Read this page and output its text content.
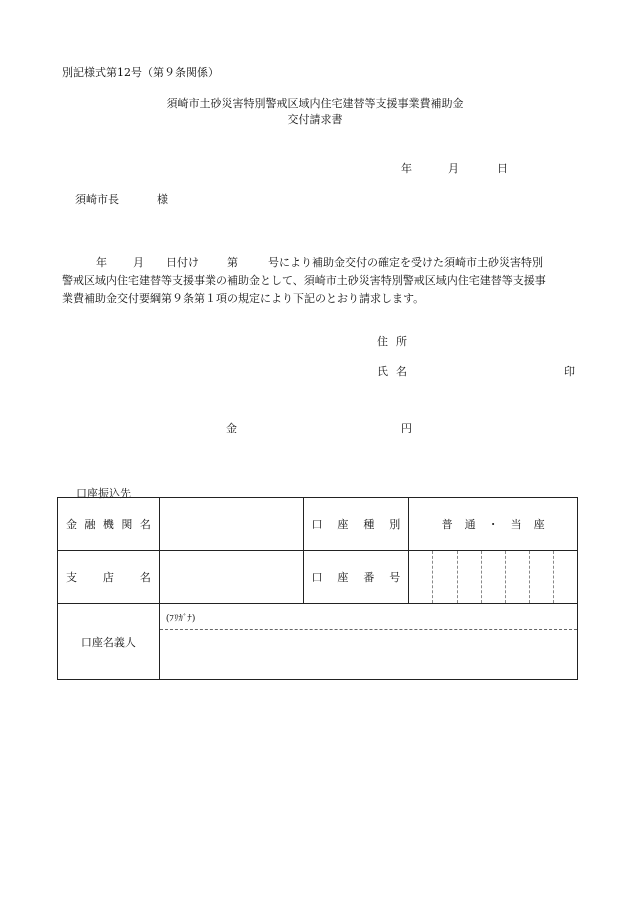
別記様式第12号（第９条関係）
須崎市土砂災害特別警戒区域内住宅建替等支援事業費補助金
交付請求書
年	月	日
須崎市長	様
年 月 日付け	第	号により補助金交付の確定を受けた須崎市土砂災害特別
警戒区域内住宅建替等支援事業の補助金として、須崎市土砂災害特別警戒区域内住宅建替等支援事
業費補助金交付要綱第９条第１項の規定により下記のとおり請求します。
住所
氏名	印
金	円
口座振込先
金融機関名		口座種別	普 通 ・ 当 座
支店名		口座番号	

口座名義人	(ﾌﾘｶﾞﾅ)		
